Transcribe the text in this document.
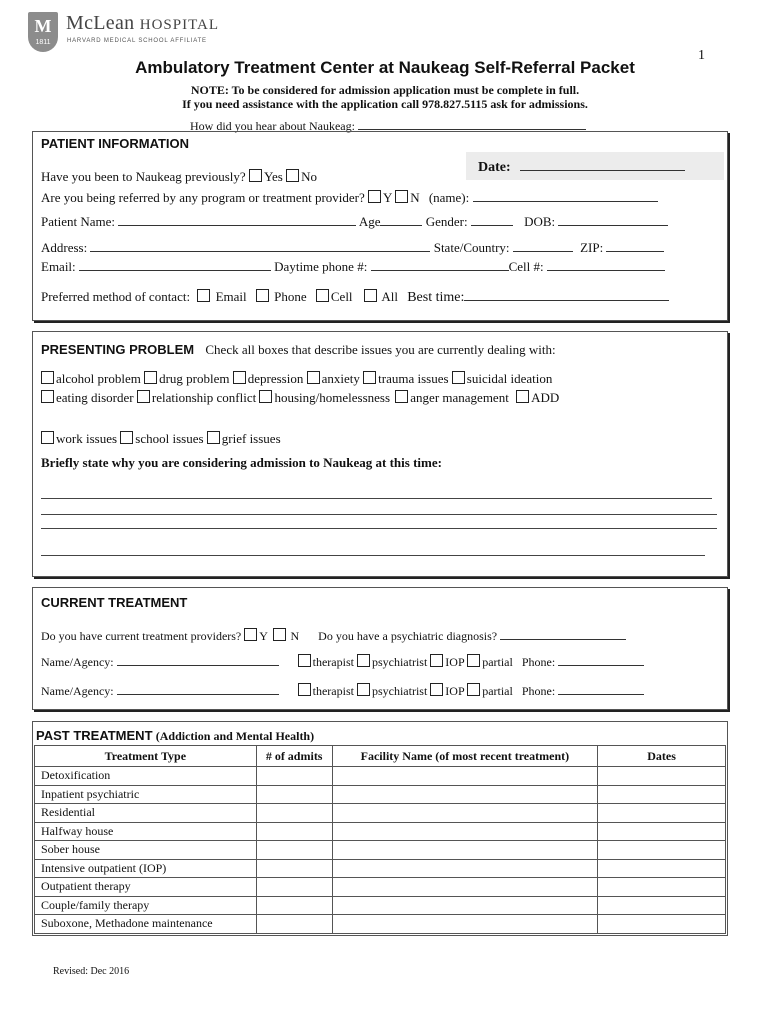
M
1811
McLean HOSPITAL
HARVARD MEDICAL SCHOOL AFFILIATE
1
Ambulatory Treatment Center at Naukeag Self-Referral Packet
NOTE: To be considered for admission application must be complete in full.
If you need assistance with the application call 978.827.5115 ask for admissions.
How did you hear about Naukeag:
PATIENT INFORMATION
Date:
Have you been to Naukeag previously? Yes No
Are you being referred by any program or treatment provider? Y N (name):
Patient Name:	Age	Gender:	DOB:
Address:	State/Country:	ZIP:
Email:	Daytime phone #:	Cell #:
Preferred method of contact: Email Phone Cell All Best time:
PRESENTING PROBLEM Check all boxes that describe issues you are currently dealing with:
alcohol problem drug problem depression anxiety trauma issues suicidal ideation
eating disorder relationship conflict housing/homelessness anger management ADD
work issues school issues grief issues
Briefly state why you are considering admission to Naukeag at this time:
CURRENT TREATMENT
Do you have current treatment providers? Y N Do you have a psychiatric diagnosis?
Name/Agency:	therapist psychiatrist IOP partial Phone:
Name/Agency:	therapist psychiatrist IOP partial Phone:
PAST TREATMENT (Addiction and Mental Health)
Treatment Type	# of admits	Facility Name (of most recent treatment)	Dates
Detoxification			
Inpatient psychiatric			
Residential			
Halfway house			
Sober house			
Intensive outpatient (IOP)			
Outpatient therapy			
Couple/family therapy			
Suboxone, Methadone maintenance			
Revised: Dec 2016
